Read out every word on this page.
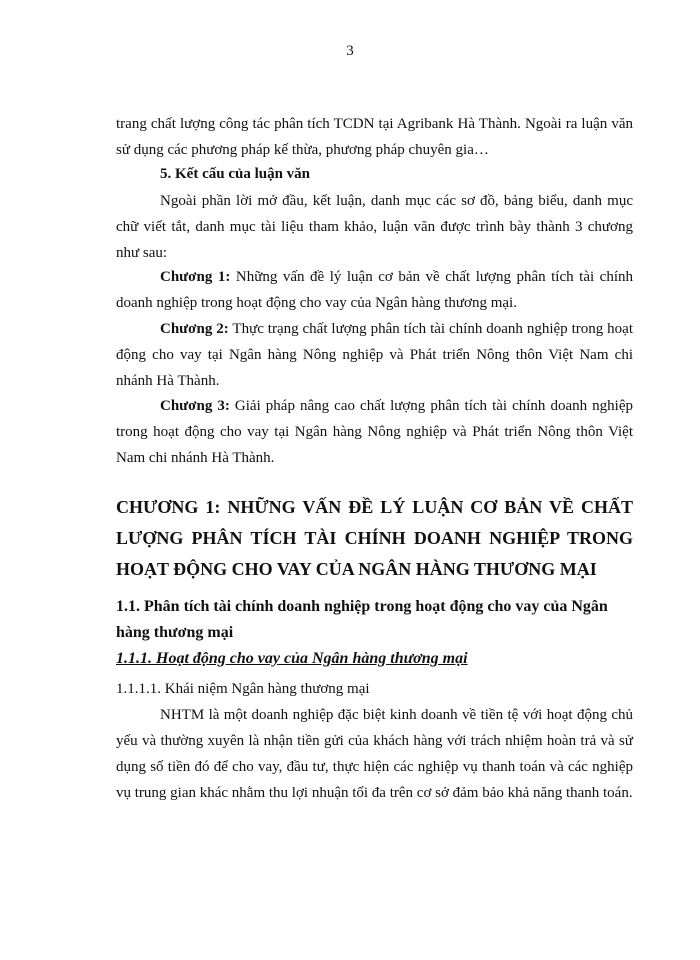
3

trang chất lượng công tác phân tích TCDN tại Agribank Hà Thành. Ngoài ra luận văn sử dụng các phương pháp kế thừa, phương pháp chuyên gia…

5. Kết cấu của luận văn

Ngoài phần lời mở đầu, kết luận, danh mục các sơ đồ, bảng biểu, danh mục chữ viết tắt, danh mục tài liệu tham khảo, luận văn được trình bày thành 3 chương như sau:

Chương 1: Những vấn đề lý luận cơ bản về chất lượng phân tích tài chính doanh nghiệp trong hoạt động cho vay của Ngân hàng thương mại.

Chương 2: Thực trạng chất lượng phân tích tài chính doanh nghiệp trong hoạt động cho vay tại Ngân hàng Nông nghiệp và Phát triển Nông thôn Việt Nam chi nhánh Hà Thành.

Chương 3: Giải pháp nâng cao chất lượng phân tích tài chính doanh nghiệp trong hoạt động cho vay tại Ngân hàng Nông nghiệp và Phát triển Nông thôn Việt Nam chi nhánh Hà Thành.

CHƯƠNG 1: NHỮNG VẤN ĐỀ LÝ LUẬN CƠ BẢN VỀ CHẤT LƯỢNG PHÂN TÍCH TÀI CHÍNH DOANH NGHIỆP TRONG HOẠT ĐỘNG CHO VAY CỦA NGÂN HÀNG THƯƠNG MẠI

1.1. Phân tích tài chính doanh nghiệp trong hoạt động cho vay của Ngân hàng thương mại

1.1.1. Hoạt động cho vay của Ngân hàng thương mại

1.1.1.1. Khái niệm Ngân hàng thương mại

NHTM là một doanh nghiệp đặc biệt kinh doanh về tiền tệ với hoạt động chủ yếu và thường xuyên là nhận tiền gửi của khách hàng với trách nhiệm hoàn trả và sử dụng số tiền đó để cho vay, đầu tư, thực hiện các nghiệp vụ thanh toán và các nghiệp vụ trung gian khác nhằm thu lợi nhuận tối đa trên cơ sở đảm bảo khả năng thanh toán.
